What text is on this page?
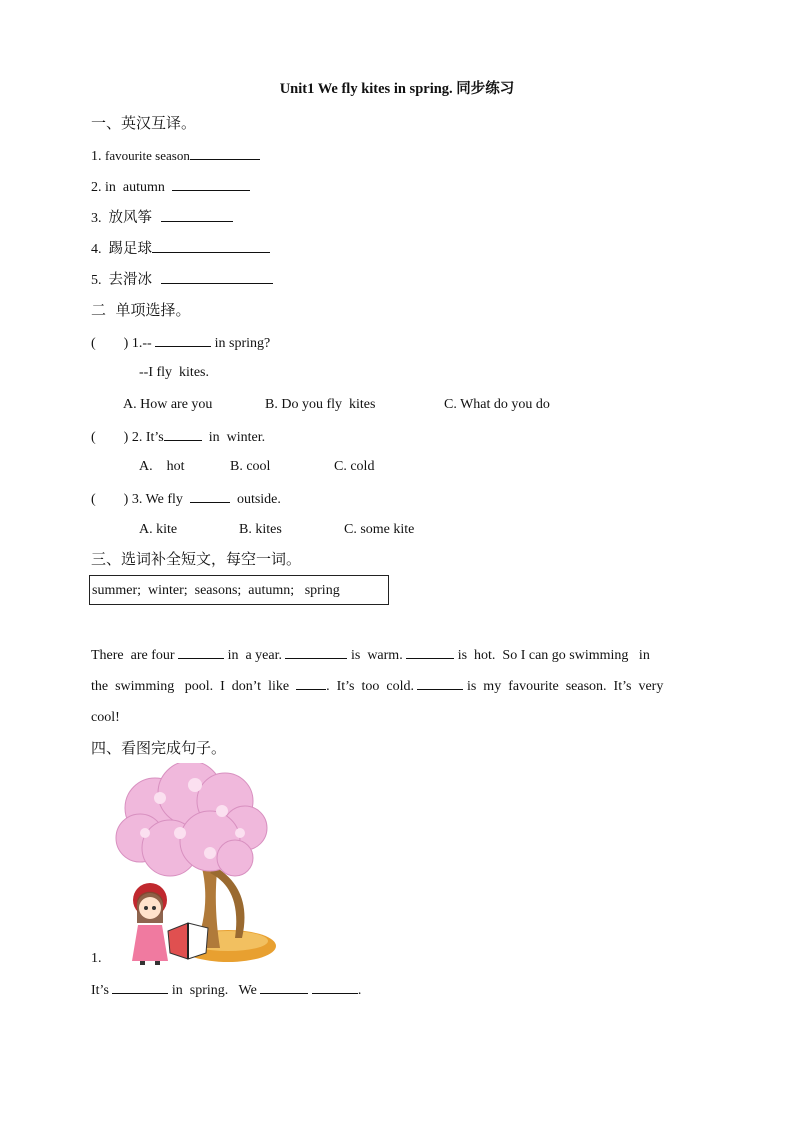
Unit1 We fly kites in spring. 同步练习
一、英汉互译。
1. favourite season
2. in  autumn
3.  放风筝
4.  踢足球
5.  去滑冰
二  单项选择。
(        ) 1.--	in spring?
--I fly  kites.
A. How are you	B. Do you fly  kites	C. What do you do
(        ) 2. It’s	in  winter.
A.    hot	B. cool	C. cold
(        ) 3. We fly	outside.
A. kite	B. kites	C. some kite
三、选词补全短文，每空一词。
summer;  winter;  seasons;  autumn;   spring
There  are four	in  a year.	is  warm.	is  hot.  So I can go swimming   in
the  swimming   pool.  I  don’t  like  .  It’s  too  cold.	is  my  favourite  season.  It’s  very
cool!
四、看图完成句子。
1.
It’s	in  spring.   We	.
